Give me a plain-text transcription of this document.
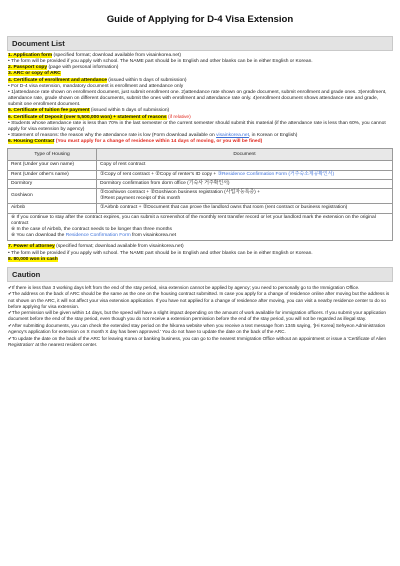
Guide of Applying for D-4 Visa Extension
Document List

1. Application form (specified format; download available from visainkorea.net)

• The form will be provided if you apply with school. The NAME part should be in English and other blanks can be in either English or Korean.

2. Passport copy (page with personal information)

3. ARC or copy of ARC

4. Certificate of enrollment and attendance (issued within 5 days of submission)

• For D-4 visa extension, mandatory document is enrollment and attendance only

• 1)attendance rate shown on enrollment document, just submit enrollment one. 2)attendance rate shown on grade document, submit enrollment and grade ones. 3)enrollment, attendance rate, grade shown on different documents, submit the ones with enrollment and attendance rate only. 4)enrollment document shows attendance rate and grade, submit one enrollment document.

5. Certificate of tuition fee payment (issued within 5 days of submission)

6. Certificate of Deposit (over 5,500,000 won) + statement of reasons (if relative)

• Students whose attendance rate is less than 70% in the last semester or the current semester should submit this material (if the attendance rate is less than 60%, you cannot apply for visa extension by agency)

• Statement of reasons: the reason why the attendance rate is low (Form download available on visainkorea.net, in Korean or English)

6. Housing Contract (You must apply for a change of residence within 14 days of moving, or you will be fined)

Type of Housing	Document
Rent (Under your own name)	Copy of rent contract
Rent (Under other's name)	①Copy of rent contract + ②Copy of renter's ID copy + ③Residence Confirmation Form (거주숙소제공확인서)
Dormitory	Dormitory confirmation from dorm office (기숙사 거주확인서)
Goshiwon	①Goshiwon contract + ②Goshiwon business registration (사업자등록증) +
③Rent payment receipt of this month
Airbnb	①Airbnb contract + ②Document that can prove the landlord owns that room (rent contract or business registration)

※ If you continue to stay after the contract expires, you can submit a screenshot of the monthly rent transfer record or let your landlord mark the extension on the original contract
※ In the case of Airbnb, the contract needs to be longer than three months
※ You can download the Residence Confirmation Form from visainkorea.net	

7. Power of attorney (specified format; download available from visainkorea.net)

• The form will be provided if you apply with school. The NAME part should be in English and other blanks can be in either English or Korean.

8. 80,000 won in cash

Caution

✔If there is less than 3 working days left from the end of the stay period, visa extension cannot be applied by agency; you need to personally go to the Immigration Office.

✔The address on the back of ARC should be the same as the one on the housing contract submitted. In case you apply for a change of residence online after moving but the address is not shown on the ARC, it will not affect your visa extension application. If you have not applied for a change of residence after moving, you can visit a nearby residence center to do so before applying for visa extension.

✔The permission will be given within 14 days, but the speed will have a slight impact depending on the amount of work available for immigration officers. If you submit your application document before the end of the stay period, even though you do not receive a extension permission before the end of the stay period, you will not be regarded as illegal stay.

✔After submitting documents, you can check the extended stay period on the hikorea website when you receive a text message from 1345 saying, '[Hi Korea] Sehyeon Administration Agency's application for extension on X month X day has been approved.' You do not have to update the date on the back of the ARC.

✔To update the date on the back of the ARC for leaving Korea or banking business, you can go to the nearest Immigration Office without an appointment or issue a 'Certificate of Alien Registration' at the nearest resident center.
